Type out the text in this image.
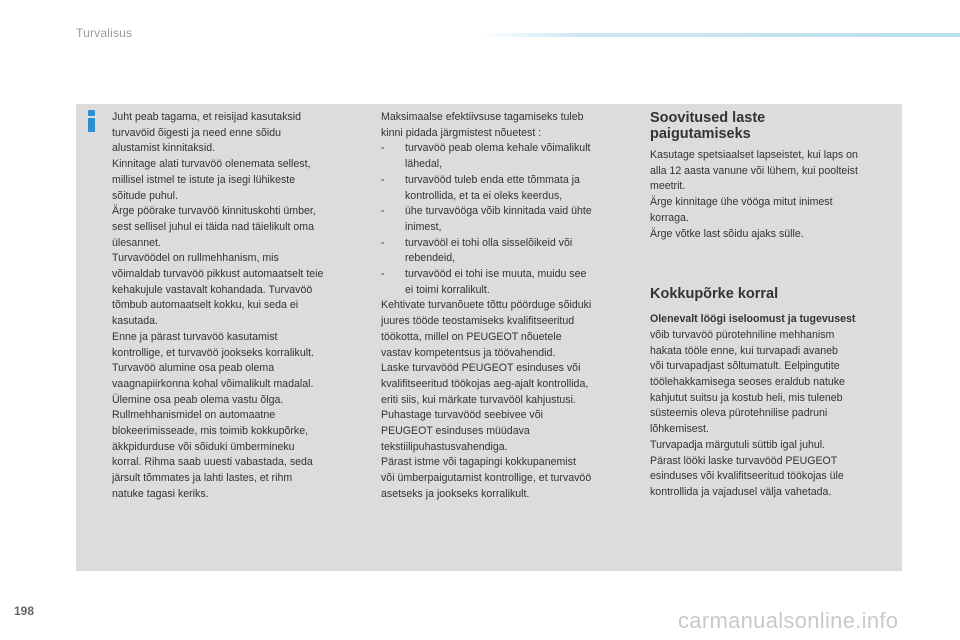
Turvalisus

Juht peab tagama, et reisijad kasutaksid

turvavöid õigesti ja need enne sõidu

alustamist kinnitaksid.

Kinnitage alati turvavöö olenemata sellest,

millisel istmel te istute ja isegi lühikeste

sõitude puhul.

Ärge pöörake turvavöö kinnituskohti ümber,

sest sellisel juhul ei täida nad täielikult oma

ülesannet.

Turvavöödel on rullmehhanism, mis

võimaldab turvavöö pikkust automaatselt teie

kehakujule vastavalt kohandada. Turvavöö

tõmbub automaatselt kokku, kui seda ei

kasutada.

Enne ja pärast turvavöö kasutamist

kontrollige, et turvavöö jookseks korralikult.

Turvavöö alumine osa peab olema

vaagnapiirkonna kohal võimalikult madalal.

Ülemine osa peab olema vastu õlga.

Rullmehhanismidel on automaatne

blokeerimisseade, mis toimib kokkupõrke,

äkkpidurduse või sõiduki ümbermineku

korral. Rihma saab uuesti vabastada, seda

järsult tõmmates ja lahti lastes, et rihm

natuke tagasi keriks.

Maksimaalse efektiivsuse tagamiseks tuleb

kinni pidada järgmistest nõuetest :

- turvavöö peab olema kehale võimalikult

lähedal,

- turvavööd tuleb enda ette tõmmata ja

kontrollida, et ta ei oleks keerdus,

- ühe turvavööga võib kinnitada vaid ühte

inimest,

- turvavööl ei tohi olla sisselõikeid või

rebendeid,

- turvavööd ei tohi ise muuta, muidu see

ei toimi korralikult.

Kehtivate turvanõuete tõttu pöörduge sõiduki

juures tööde teostamiseks kvalifitseeritud

töökotta, millel on PEUGEOT nõuetele

vastav kompetentsus ja töövahendid.

Laske turvavööd PEUGEOT esinduses või

kvalifitseeritud töökojas aeg-ajalt kontrollida,

eriti siis, kui märkate turvavööl kahjustusi.

Puhastage turvavööd seebivee või

PEUGEOT esinduses müüdava

tekstiilipuhastusvahendiga.

Pärast istme või tagapingi kokkupanemist

või ümberpaigutamist kontrollige, et turvavöö

asetseks ja jookseks korralikult.

Soovitused laste
paigutamiseks

Kasutage spetsiaalset lapseistet, kui laps on

alla 12 aasta vanune või lühem, kui poolteist

meetrit.

Ärge kinnitage ühe vööga mitut inimest

korraga.

Ärge võtke last sõidu ajaks sülle.

Kokkupõrke korral

Olenevalt löögi iseloomust ja tugevusest

võib turvavöö pürotehniline mehhanism

hakata tööle enne, kui turvapadi avaneb

või turvapadjast sõltumatult. Eelpingutite

töölehakkamisega seoses eraldub natuke

kahjutut suitsu ja kostub heli, mis tuleneb

süsteemis oleva pürotehnilise padruni

lõhkemisest.

Turvapadja märgutuli süttib igal juhul.

Pärast lööki laske turvavööd PEUGEOT

esinduses või kvalifitseeritud töökojas üle

kontrollida ja vajadusel välja vahetada.

198	carmanualsonline.info
